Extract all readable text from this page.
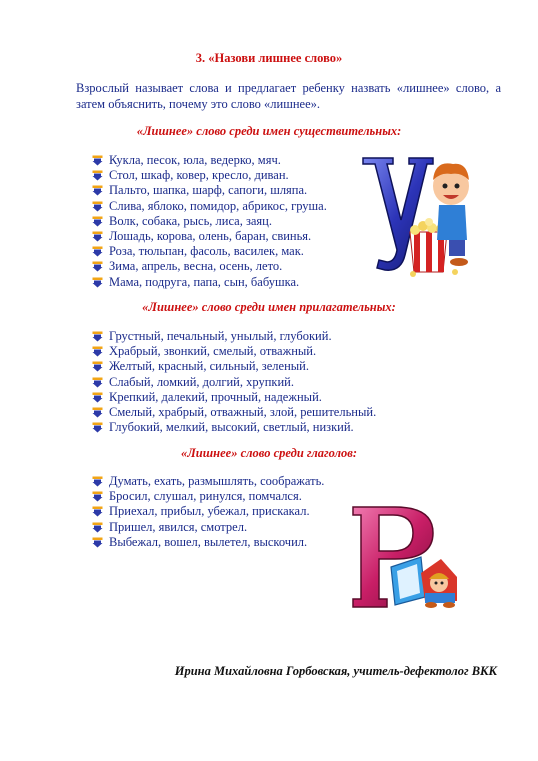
3. «Назови лишнее слово»
Взрослый называет слова и предлагает ребенку назвать «лишнее» слово, а затем объяснить, почему это слово «лишнее».
«Лишнее» слово среди имен существительных:
Кукла, песок, юла, ведерко, мяч.
Стол, шкаф, ковер, кресло, диван.
Пальто, шапка, шарф, сапоги, шляпа.
Слива, яблоко, помидор, абрикос, груша.
Волк, собака, рысь, лиса, заяц.
Лошадь, корова, олень, баран, свинья.
Роза, тюльпан, фасоль, василек, мак.
Зима, апрель, весна, осень, лето.
Мама, подруга, папа, сын, бабушка.
«Лишнее» слово среди имен прилагательных:
Грустный, печальный, унылый, глубокий.
Храбрый, звонкий, смелый, отважный.
Желтый, красный, сильный, зеленый.
Слабый, ломкий, долгий, хрупкий.
Крепкий, далекий, прочный, надежный.
Смелый, храбрый, отважный, злой, решительный.
Глубокий, мелкий, высокий, светлый, низкий.
«Лишнее» слово среди глаголов:
Думать, ехать, размышлять, соображать.
Бросил, слушал, ринулся, помчался.
Приехал, прибыл, убежал, прискакал.
Пришел, явился, смотрел.
Выбежал, вошел, вылетел, выскочил.
У
Р
Ирина Михайловна Горбовская, учитель-дефектолог ВКК
